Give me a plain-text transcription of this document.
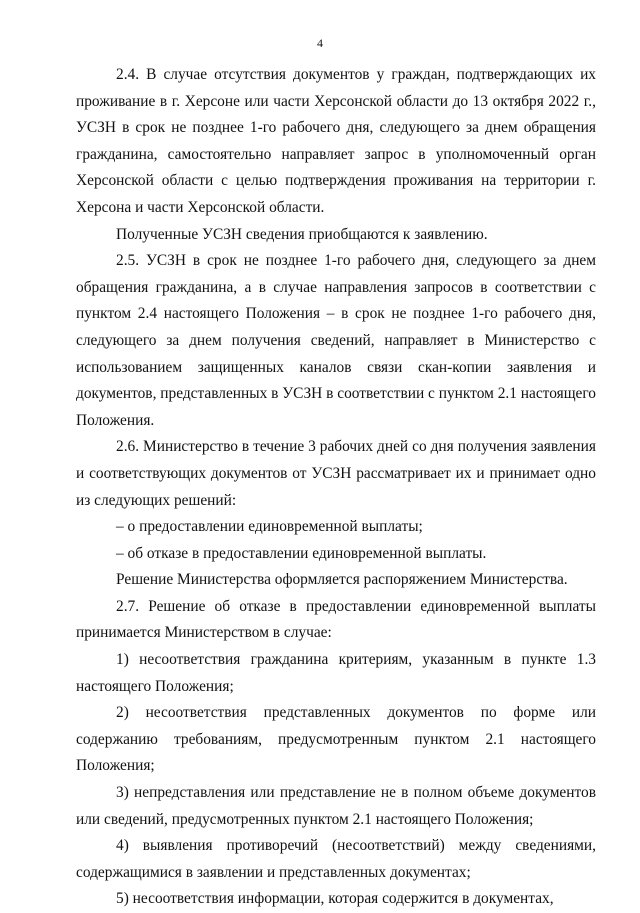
4

2.4. В случае отсутствия документов у граждан, подтверждающих их проживание в г. Херсоне или части Херсонской области до 13 октября 2022 г., УСЗН в срок не позднее 1-го рабочего дня, следующего за днем обращения гражданина, самостоятельно направляет запрос в уполномоченный орган Херсонской области с целью подтверждения проживания на территории г. Херсона и части Херсонской области.

Полученные УСЗН сведения приобщаются к заявлению.

2.5. УСЗН в срок не позднее 1-го рабочего дня, следующего за днем обращения гражданина, а в случае направления запросов в соответствии с пунктом 2.4 настоящего Положения – в срок не позднее 1-го рабочего дня, следующего за днем получения сведений, направляет в Министерство с использованием защищенных каналов связи скан-копии заявления и документов, представленных в УСЗН в соответствии с пунктом 2.1 настоящего Положения.

2.6. Министерство в течение 3 рабочих дней со дня получения заявления и соответствующих документов от УСЗН рассматривает их и принимает одно из следующих решений:

– о предоставлении единовременной выплаты;

– об отказе в предоставлении единовременной выплаты.

Решение Министерства оформляется распоряжением Министерства.

2.7. Решение об отказе в предоставлении единовременной выплаты принимается Министерством в случае:

1) несоответствия гражданина критериям, указанным в пункте 1.3 настоящего Положения;

2) несоответствия представленных документов по форме или содержанию требованиям, предусмотренным пунктом 2.1 настоящего Положения;

3) непредставления или представление не в полном объеме документов или сведений, предусмотренных пунктом 2.1 настоящего Положения;

4) выявления противоречий (несоответствий) между сведениями, содержащимися в заявлении и представленных документах;

5) несоответствия информации, которая содержится в документах,
